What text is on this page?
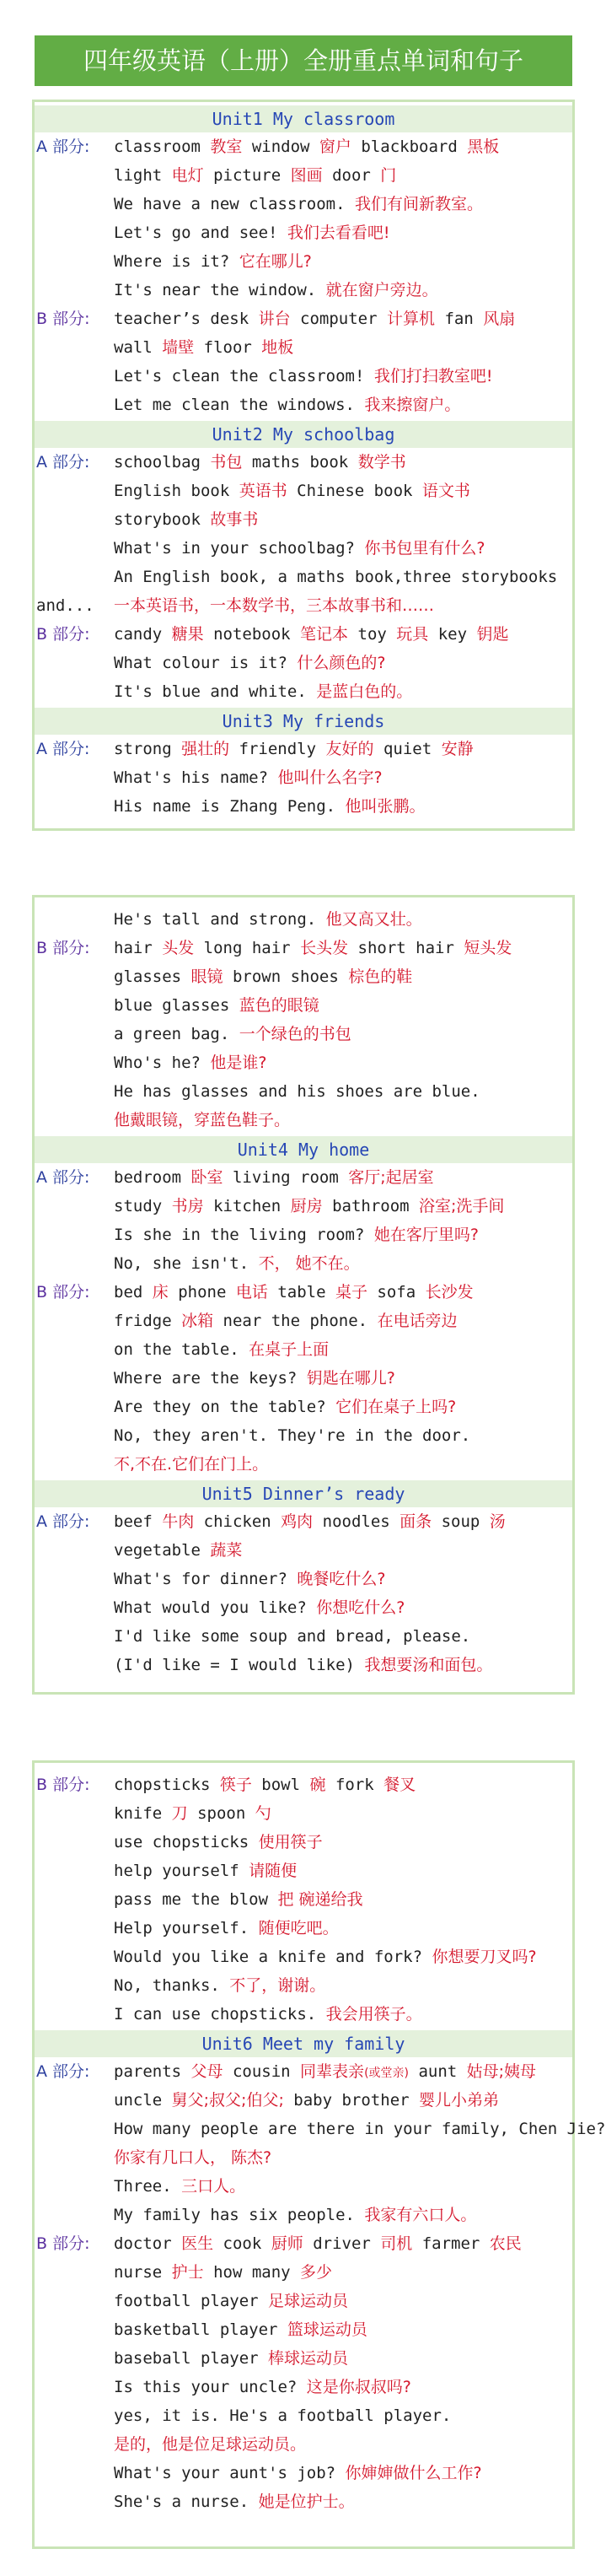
四年级英语（上册）全册重点单词和句子
Unit1 My classroom
A 部分: classroom 教室 window 窗户 blackboard 黑板
light 电灯 picture 图画 door 门
We have a new classroom. 我们有间新教室。
Let's go and see! 我们去看看吧!
Where is it? 它在哪儿?
It's near the window. 就在窗户旁边。
B 部分: teacher’s desk 讲台 computer 计算机 fan 风扇
wall 墙壁 floor 地板
Let's clean the classroom! 我们打扫教室吧!
Let me clean the windows. 我来擦窗户。
Unit2 My schoolbag
A 部分: schoolbag 书包 maths book 数学书
English book 英语书 Chinese book 语文书
storybook 故事书
What's in your schoolbag? 你书包里有什么?
An English book, a maths book,three storybooks
and... 一本英语书，一本数学书，三本故事书和……
B 部分: candy 糖果 notebook 笔记本 toy 玩具 key 钥匙
What colour is it? 什么颜色的?
It's blue and white. 是蓝白色的。
Unit3 My friends
A 部分: strong 强壮的 friendly 友好的 quiet 安静
What's his name? 他叫什么名字?
His name is Zhang Peng. 他叫张鹏。
He's tall and strong. 他又高又壮。
B 部分: hair 头发 long hair 长头发 short hair 短头发
glasses 眼镜 brown shoes 棕色的鞋
blue glasses 蓝色的眼镜
a green bag. 一个绿色的书包
Who's he? 他是谁?
He has glasses and his shoes are blue.
他戴眼镜，穿蓝色鞋子。
Unit4 My home
A 部分: bedroom 卧室 living room 客厅;起居室
study 书房 kitchen 厨房 bathroom 浴室;洗手间
Is she in the living room? 她在客厅里吗?
No, she isn't. 不， 她不在。
B 部分: bed 床 phone 电话 table 桌子 sofa 长沙发
fridge 冰箱 near the phone. 在电话旁边
on the table. 在桌子上面
Where are the keys? 钥匙在哪儿?
Are they on the table? 它们在桌子上吗?
No, they aren't. They're in the door.
不,不在.它们在门上。
Unit5 Dinner’s ready
A 部分: beef 牛肉 chicken 鸡肉 noodles 面条 soup 汤
vegetable 蔬菜
What's for dinner? 晚餐吃什么?
What would you like? 你想吃什么?
I'd like some soup and bread, please.
(I'd like = I would like) 我想要汤和面包。
B 部分: chopsticks 筷子 bowl 碗 fork 餐叉
knife 刀 spoon 勺
use chopsticks 使用筷子
help yourself 请随便
pass me the blow 把 碗递给我
Help yourself. 随便吃吧。
Would you like a knife and fork? 你想要刀叉吗?
No, thanks. 不了，谢谢。
I can use chopsticks. 我会用筷子。
Unit6 Meet my family
A 部分: parents 父母 cousin 同辈表亲(或堂亲) aunt 姑母;姨母
uncle 舅父;叔父;伯父; baby brother 婴儿小弟弟
How many people are there in your family, Chen Jie?
你家有几口人， 陈杰?
Three. 三口人。
My family has six people. 我家有六口人。
B 部分: doctor 医生 cook 厨师 driver 司机 farmer 农民
nurse 护士 how many 多少
football player 足球运动员
basketball player 篮球运动员
baseball player 棒球运动员
Is this your uncle? 这是你叔叔吗?
yes, it is. He's a football player.
是的，他是位足球运动员。
What's your aunt's job? 你婶婶做什么工作?
She's a nurse. 她是位护士。
